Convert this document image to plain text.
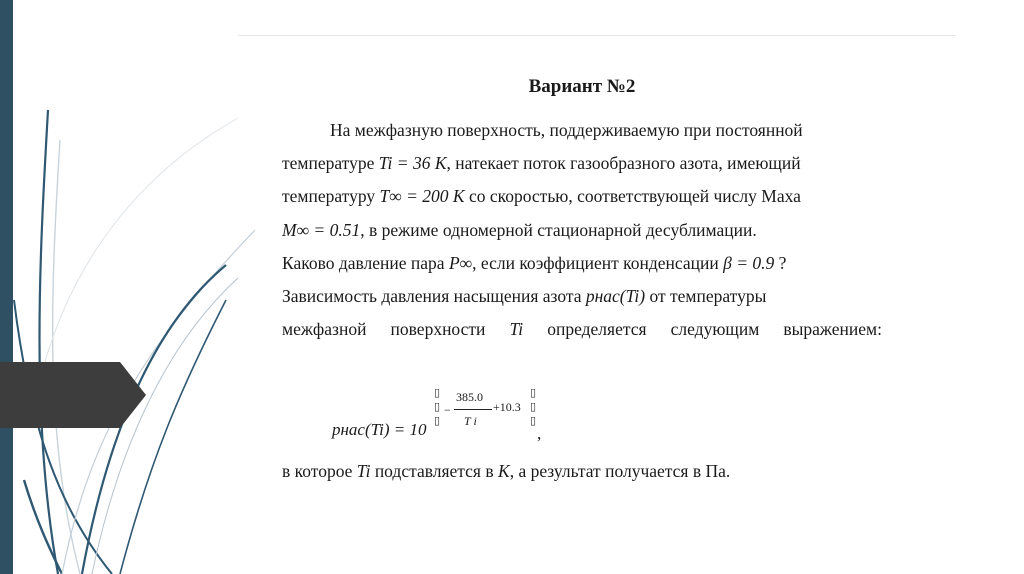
Вариант №2

На межфазную поверхность, поддерживаемую при постоянной
температуре Ti = 36 K, натекает поток газообразного азота, имеющий
температуру T∞ = 200 K со скоростью, соответствующей числу Маха
M∞ = 0.51, в режиме одномерной стационарной десублимации.
Каково давление пара P∞, если коэффициент конденсации β = 0.9 ?
Зависимость давления насыщения азота pнас(Ti) от температуры
межфазной поверхности Ti определяется следующим выражением:

pнас(Ti) = 10
▯
▯
▯
−
385.0
T i
+10.3
▯
▯
▯
,
в которое Ti подставляется в K, а результат получается в Па.
